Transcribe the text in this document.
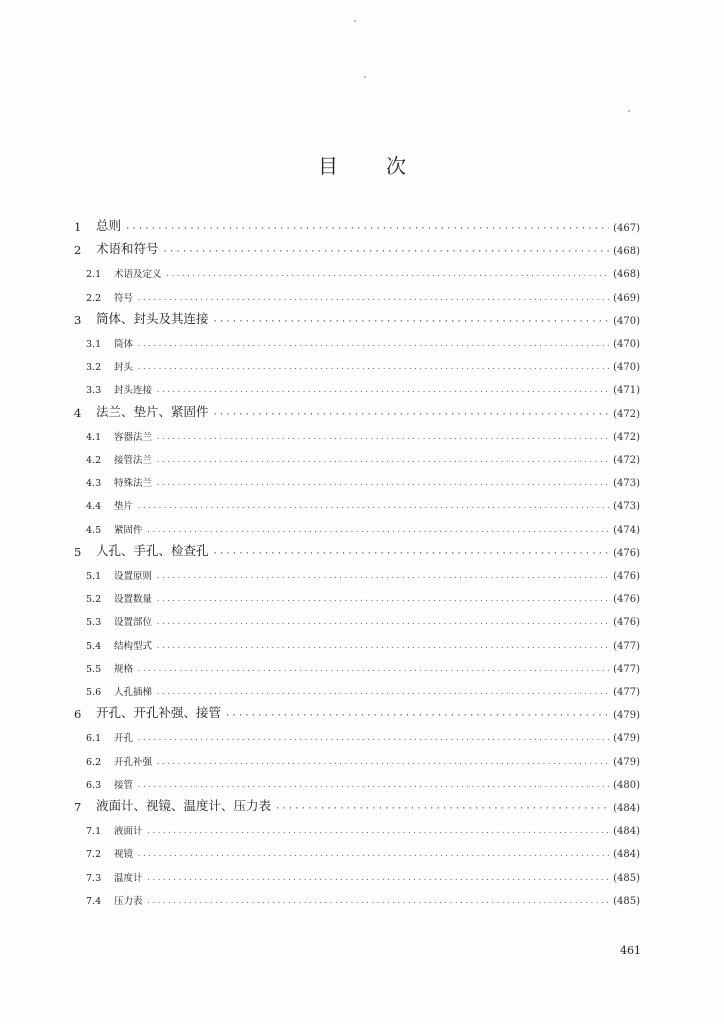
目 次
1	总则 ·····	(467)
2	术语和符号 ·····	(468)
2.1	术语及定义 ·····	(468)
2.2	符号 ·····	(469)
3	筒体、封头及其连接 ·····	(470)
3.1	筒体 ·····	(470)
3.2	封头 ·····	(470)
3.3	封头连接 ·····	(471)
4	法兰、垫片、紧固件 ·····	(472)
4.1	容器法兰 ·····	(472)
4.2	接管法兰 ·····	(472)
4.3	特殊法兰 ·····	(473)
4.4	垫片 ·····	(473)
4.5	紧固件 ·····	(474)
5	人孔、手孔、检查孔 ·····	(476)
5.1	设置原则 ·····	(476)
5.2	设置数量 ·····	(476)
5.3	设置部位 ·····	(476)
5.4	结构型式 ·····	(477)
5.5	规格 ·····	(477)
5.6	人孔插梯 ·····	(477)
6	开孔、开孔补强、接管 ·····	(479)
6.1	开孔 ·····	(479)
6.2	开孔补强 ·····	(479)
6.3	接管 ·····	(480)
7	液面计、视镜、温度计、压力表 ·····	(484)
7.1	液面计 ·····	(484)
7.2	视镜 ·····	(484)
7.3	温度计 ·····	(485)
7.4	压力表 ·····	(485)
461
